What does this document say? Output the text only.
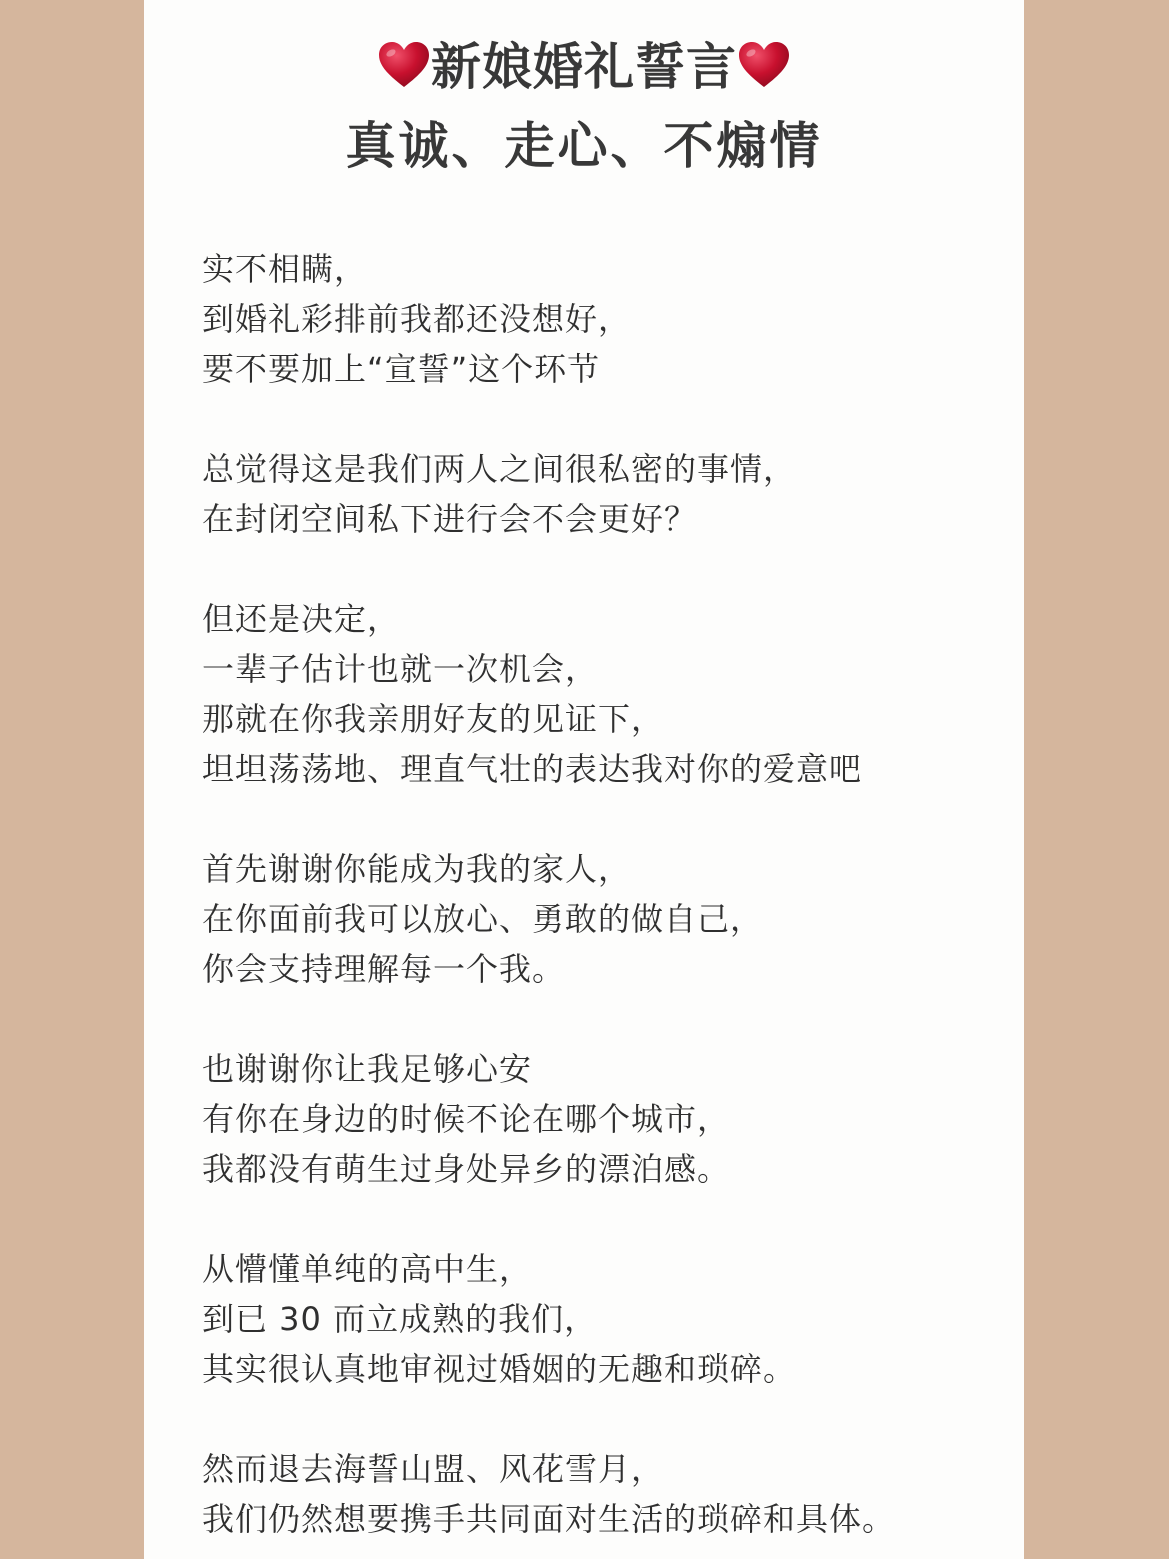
新娘婚礼誓言
真诚、走心、不煽情
实不相瞒，
到婚礼彩排前我都还没想好，
要不要加上“宣誓”这个环节
总觉得这是我们两人之间很私密的事情，
在封闭空间私下进行会不会更好？
但还是决定，
一辈子估计也就一次机会，
那就在你我亲朋好友的见证下，
坦坦荡荡地、理直气壮的表达我对你的爱意吧
首先谢谢你能成为我的家人，
在你面前我可以放心、勇敢的做自己，
你会支持理解每一个我。
也谢谢你让我足够心安
有你在身边的时候不论在哪个城市，
我都没有萌生过身处异乡的漂泊感。
从懵懂单纯的高中生，
到已 30 而立成熟的我们，
其实很认真地审视过婚姻的无趣和琐碎。
然而退去海誓山盟、风花雪月，
我们仍然想要携手共同面对生活的琐碎和具体。
